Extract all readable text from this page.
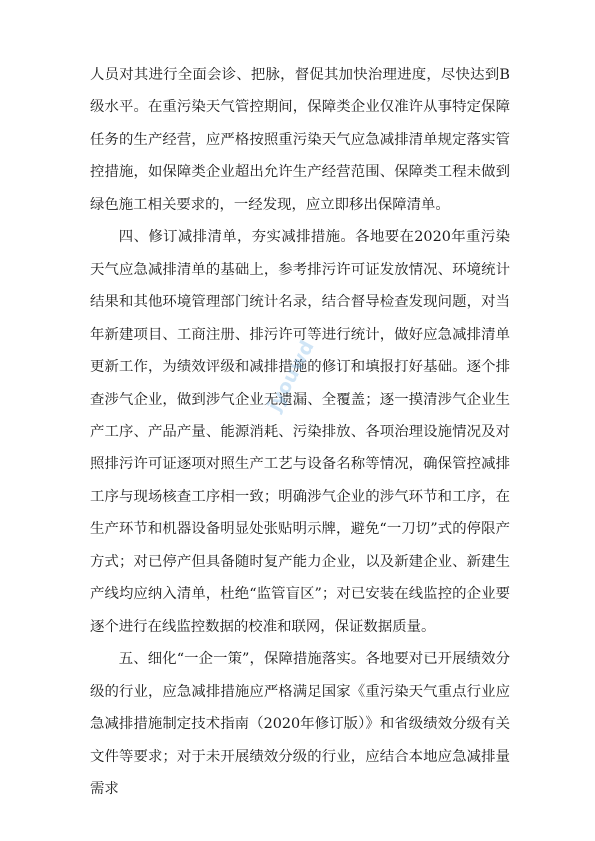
人员对其进行全面会诊、把脉，督促其加快治理进度，尽快达到B级水平。在重污染天气管控期间，保障类企业仅准许从事特定保障任务的生产经营，应严格按照重污染天气应急减排清单规定落实管控措施，如保障类企业超出允许生产经营范围、保障类工程未做到绿色施工相关要求的，一经发现，应立即移出保障清单。

四、修订减排清单，夯实减排措施。各地要在2020年重污染天气应急减排清单的基础上，参考排污许可证发放情况、环境统计结果和其他环境管理部门统计名录，结合督导检查发现问题，对当年新建项目、工商注册、排污许可等进行统计，做好应急减排清单更新工作，为绩效评级和减排措施的修订和填报打好基础。逐个排查涉气企业，做到涉气企业无遗漏、全覆盖；逐一摸清涉气企业生产工序、产品产量、能源消耗、污染排放、各项治理设施情况及对照排污许可证逐项对照生产工艺与设备名称等情况，确保管控减排工序与现场核查工序相一致；明确涉气企业的涉气环节和工序，在生产环节和机器设备明显处张贴明示牌，避免“一刀切”式的停限产方式；对已停产但具备随时复产能力企业，以及新建企业、新建生产线均应纳入清单，杜绝“监管盲区”；对已安装在线监控的企业要逐个进行在线监控数据的校准和联网，保证数据质量。

五、细化“一企一策”，保障措施落实。各地要对已开展绩效分级的行业，应急减排措施应严格满足国家《重污染天气重点行业应急减排措施制定技术指南（2020年修订版）》和省级绩效分级有关文件等要求；对于未开展绩效分级的行业，应结合本地应急减排量需求

jyouwd
